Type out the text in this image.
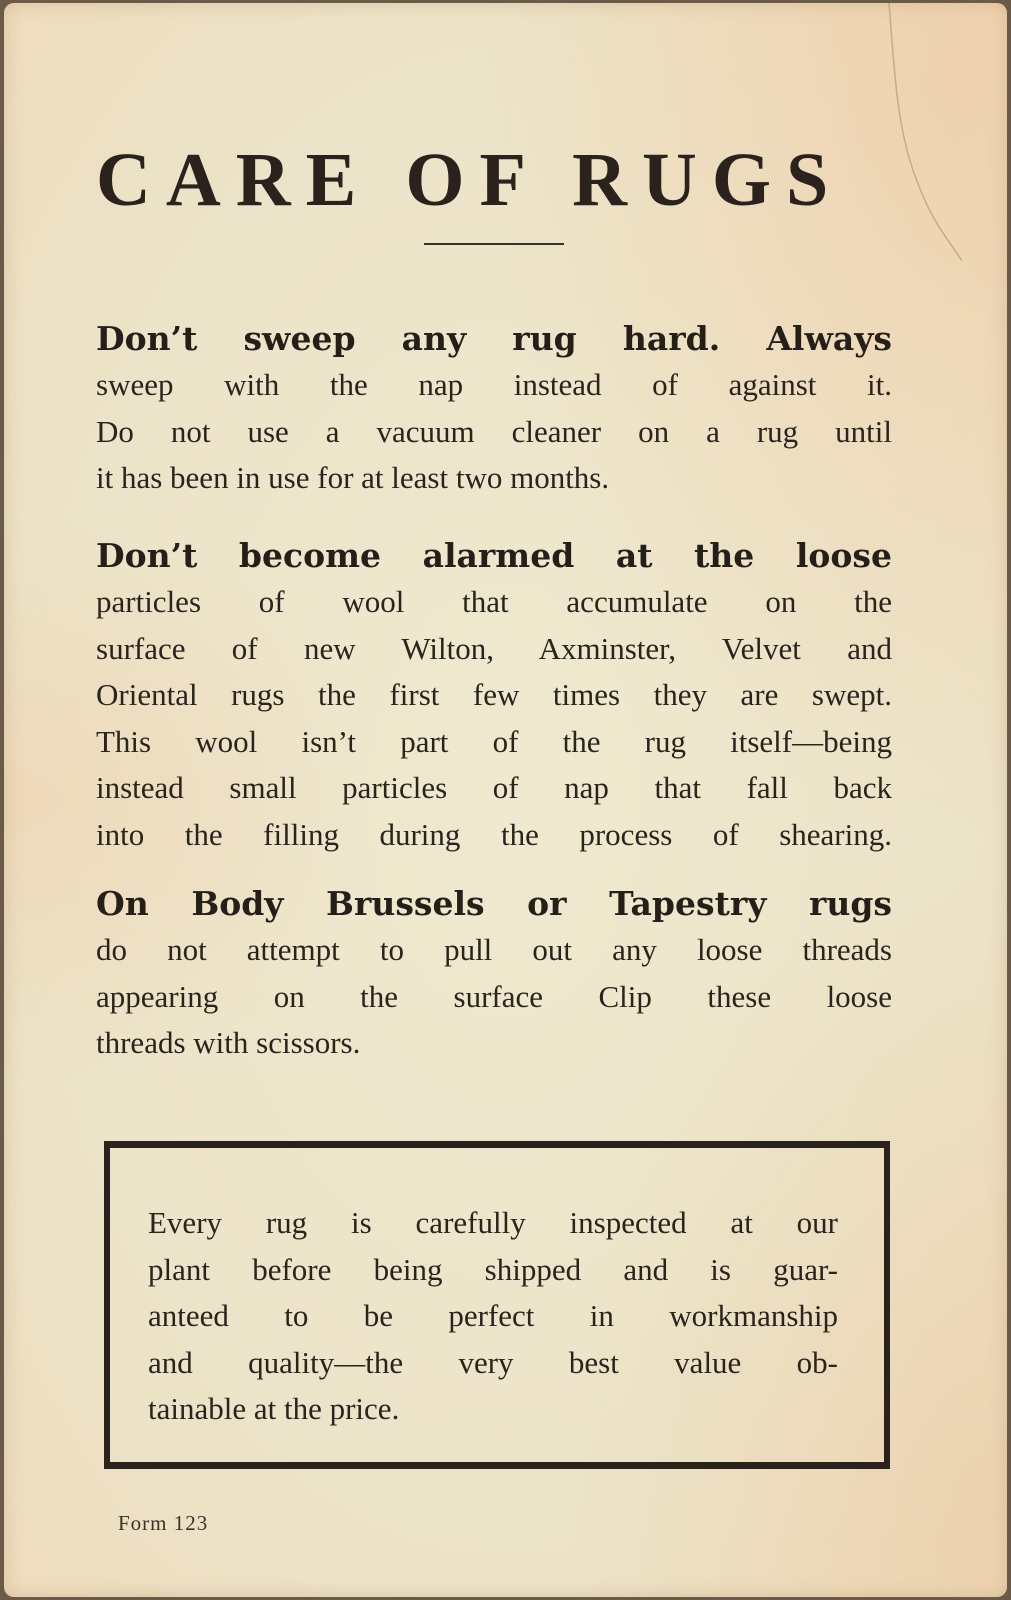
CARE OF RUGS
Don’t sweep any rug hard. Always
sweep with the nap instead of against it.
Do not use a vacuum cleaner on a rug until
it has been in use for at least two months.
Don’t become alarmed at the loose
particles of wool that accumulate on the
surface of new Wilton, Axminster, Velvet and
Oriental rugs the first few times they are swept.
This wool isn’t part of the rug itself—being
instead small particles of nap that fall back
into the filling during the process of shearing.
On Body Brussels or Tapestry rugs
do not attempt to pull out any loose threads
appearing on the surface Clip these loose
threads with scissors.
Every rug is carefully inspected at our
plant before being shipped and is guar-
anteed to be perfect in workmanship
and quality—the very best value ob-
tainable at the price.
Form 123
